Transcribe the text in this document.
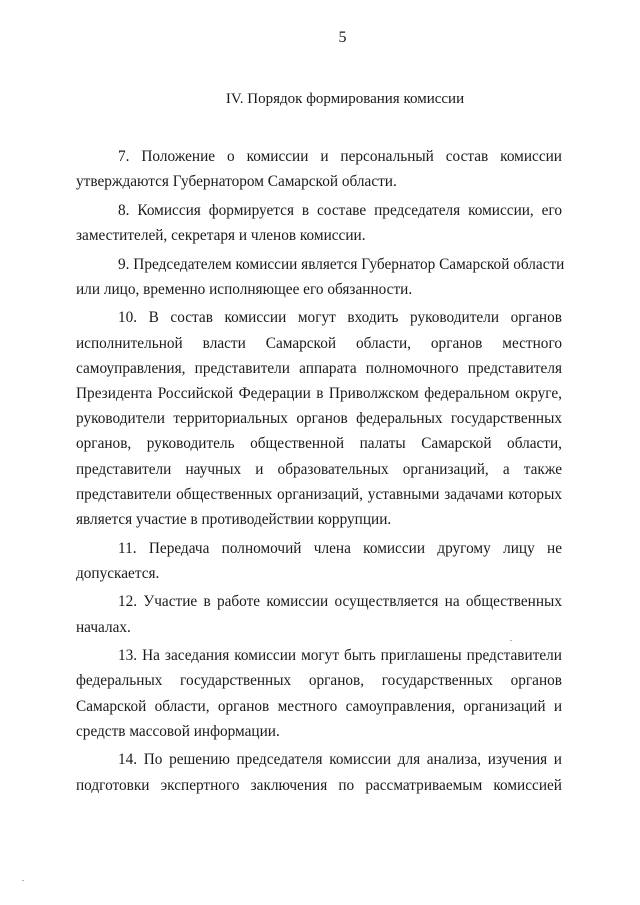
5
IV. Порядок формирования комиссии
7. Положение о комиссии и персональный состав комиссии
утверждаются Губернатором Самарской области.
8. Комиссия формируется в составе председателя комиссии, его
заместителей, секретаря и членов комиссии.
9. Председателем комиссии является Губернатор Самарской области
или лицо, временно исполняющее его обязанности.
10. В состав комиссии могут входить руководители органов
исполнительной власти Самарской области, органов местного
самоуправления, представители аппарата полномочного представителя
Президента Российской Федерации в Приволжском федеральном округе,
руководители территориальных органов федеральных государственных
органов, руководитель общественной палаты Самарской области,
представители научных и образовательных организаций, а также
представители общественных организаций, уставными задачами которых
является участие в противодействии коррупции.
11. Передача полномочий члена комиссии другому лицу не
допускается.
12. Участие в работе комиссии осуществляется на общественных
началах.
13. На заседания комиссии могут быть приглашены представители
федеральных государственных органов, государственных органов
Самарской области, органов местного самоуправления, организаций и
средств массовой информации.
14. По решению председателя комиссии для анализа, изучения и
подготовки экспертного заключения по рассматриваемым комиссией
